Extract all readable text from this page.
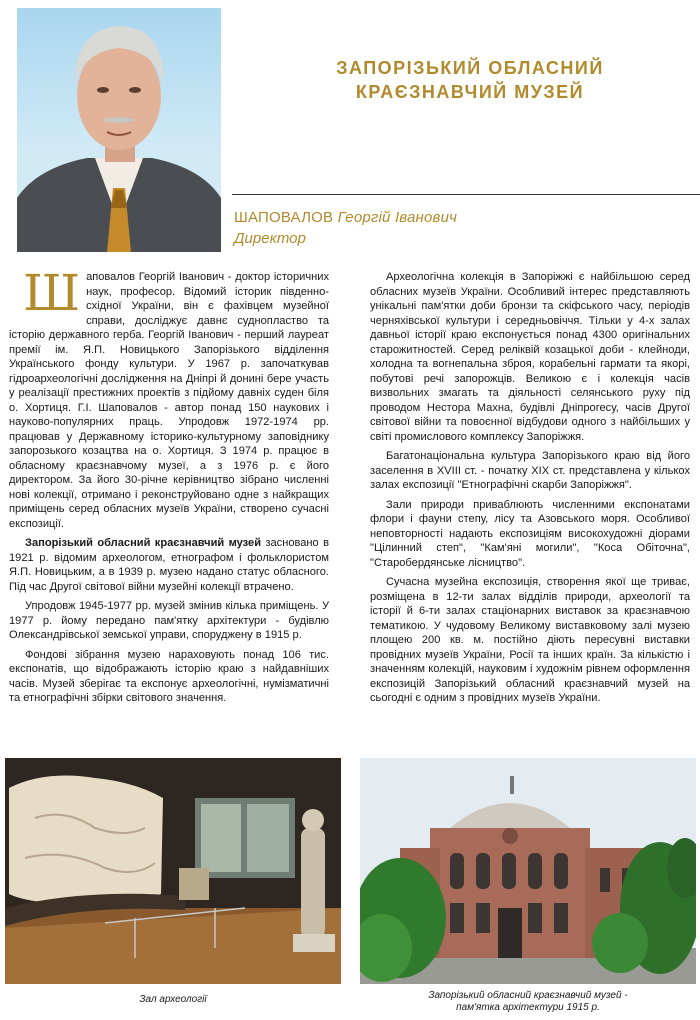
ЗАПОРІЗЬКИЙ ОБЛАСНИЙ
КРАЄЗНАВЧИЙ МУЗЕЙ
ШАПОВАЛОВ Георгій Іванович
Директор

Шаповалов Георгій Іванович - доктор історичних наук, професор. Відомий історик південно-східної України, він є фахівцем музейної справи, досліджує давнє суднопластво та історію державного герба. Георгій Іванович - перший лауреат премії ім. Я.П. Новицького Запорізького відділення Українського фонду культури. У 1967 р. започаткував гідроархеологічні дослідження на Дніпрі й донині бере участь у реалізації престижних проектів з підйому давніх суден біля о. Хортиця. Г.І. Шаповалов - автор понад 150 наукових і науково-популярних праць. Упродовж 1972-1974 рр. працював у Державному історико-культурному заповіднику запорозького козацтва на о. Хортиця. З 1974 р. працює в обласному краєзнавчому музеї, а з 1976 р. є його директором. За його 30-річне керівництво зібрано численні нові колекції, отримано і реконструйовано одне з найкращих приміщень серед обласних музеїв України, створено сучасні експозиції.

Запорізький обласний краєзнавчий музей засновано в 1921 р. відомим археологом, етнографом і фольклористом Я.П. Новицьким, а в 1939 р. музею надано статус обласного. Під час Другої світової війни музейні колекції втрачено.

Упродовж 1945-1977 рр. музей змінив кілька приміщень. У 1977 р. йому передано пам'ятку архітектури - будівлю Олександрівської земської управи, споруджену в 1915 р.

Фондові зібрання музею нараховують понад 106 тис. експонатів, що відображають історію краю з найдавніших часів. Музей зберігає та експонує археологічні, нумізматичні та етнографічні збірки світового значення.

Археологічна колекція в Запоріжжі є найбільшою серед обласних музеїв України. Особливий інтерес представляють унікальні пам'ятки доби бронзи та скіфського часу, періодів черняхівської культури і середньовіччя. Тільки у 4-х залах давньої історії краю експонується понад 4300 оригінальних старожитностей. Серед реліквій козацької доби - клейноди, холодна та вогнепальна зброя, корабельні гармати та якорі, побутові речі запорожців. Великою є і колекція часів визвольних змагать та діяльності селянського руху під проводом Нестора Махна, будівлі Дніпрогесу, часів Другої світової війни та повоєнної відбудови одного з найбільших у світі промислового комплексу Запоріжжя.

Багатонаціональна культура Запорізького краю від його заселення в XVIII ст. - початку XIX ст. представлена у кількох залах експозиції "Етнографічні скарби Запоріжжя".

Зали природи приваблюють численними експонатами флори і фауни степу, лісу та Азовського моря. Особливої неповторності надають експозиціям високохудожні діорами "Цілинний степ", "Кам'яні могили", "Коса Обіточна", "Старобердянське лісництво".

Сучасна музейна експозиція, створення якої ще триває, розміщена в 12-ти залах відділів природи, археології та історії й 6-ти залах стаціонарних виставок за краєзнавчою тематикою. У чудовому Великому виставковому залі музею площею 200 кв. м. постійно діють пересувні виставки провідних музеїв України, Росії та інших країн. За кількістю і значенням колекцій, науковим і художнім рівнем оформлення експозицій Запорізький обласний краєзнавчий музей на сьогодні є одним з провідних музеїв України.

Зал археології	Запорізький обласний краєзнавчий музей -
пам'ятка архітектури 1915 р.
